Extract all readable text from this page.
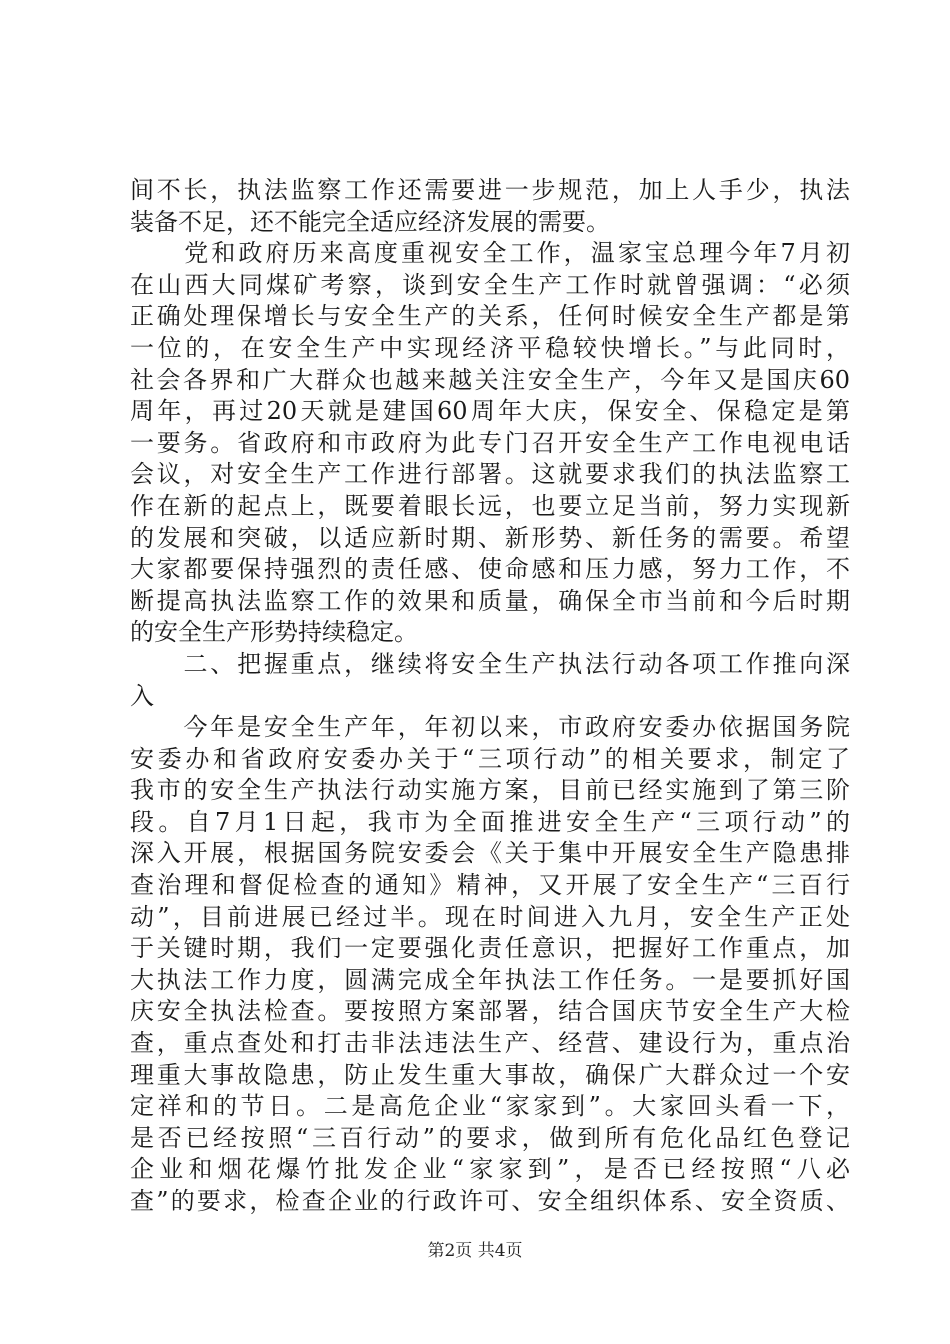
间不长，执法监察工作还需要进一步规范，加上人手少，执法
装备不足，还不能完全适应经济发展的需要。
　　党和政府历来高度重视安全工作，温家宝总理今年7月初
在山西大同煤矿考察，谈到安全生产工作时就曾强调：“必须
正确处理保增长与安全生产的关系，任何时候安全生产都是第
一位的，在安全生产中实现经济平稳较快增长。”与此同时，
社会各界和广大群众也越来越关注安全生产，今年又是国庆60
周年，再过20天就是建国60周年大庆，保安全、保稳定是第
一要务。省政府和市政府为此专门召开安全生产工作电视电话
会议，对安全生产工作进行部署。这就要求我们的执法监察工
作在新的起点上，既要着眼长远，也要立足当前，努力实现新
的发展和突破，以适应新时期、新形势、新任务的需要。希望
大家都要保持强烈的责任感、使命感和压力感，努力工作，不
断提高执法监察工作的效果和质量，确保全市当前和今后时期
的安全生产形势持续稳定。
　　二、把握重点，继续将安全生产执法行动各项工作推向深
入
　　今年是安全生产年，年初以来，市政府安委办依据国务院
安委办和省政府安委办关于“三项行动”的相关要求，制定了
我市的安全生产执法行动实施方案，目前已经实施到了第三阶
段。自7月1日起，我市为全面推进安全生产“三项行动”的
深入开展，根据国务院安委会《关于集中开展安全生产隐患排
查治理和督促检查的通知》精神，又开展了安全生产“三百行
动”，目前进展已经过半。现在时间进入九月，安全生产正处
于关键时期，我们一定要强化责任意识，把握好工作重点，加
大执法工作力度，圆满完成全年执法工作任务。一是要抓好国
庆安全执法检查。要按照方案部署，结合国庆节安全生产大检
查，重点查处和打击非法违法生产、经营、建设行为，重点治
理重大事故隐患，防止发生重大事故，确保广大群众过一个安
定祥和的节日。二是高危企业“家家到”。大家回头看一下，
是否已经按照“三百行动”的要求，做到所有危化品红色登记
企业和烟花爆竹批发企业“家家到”，是否已经按照“八必
查”的要求，检查企业的行政许可、安全组织体系、安全资质、
第2页 共4页
